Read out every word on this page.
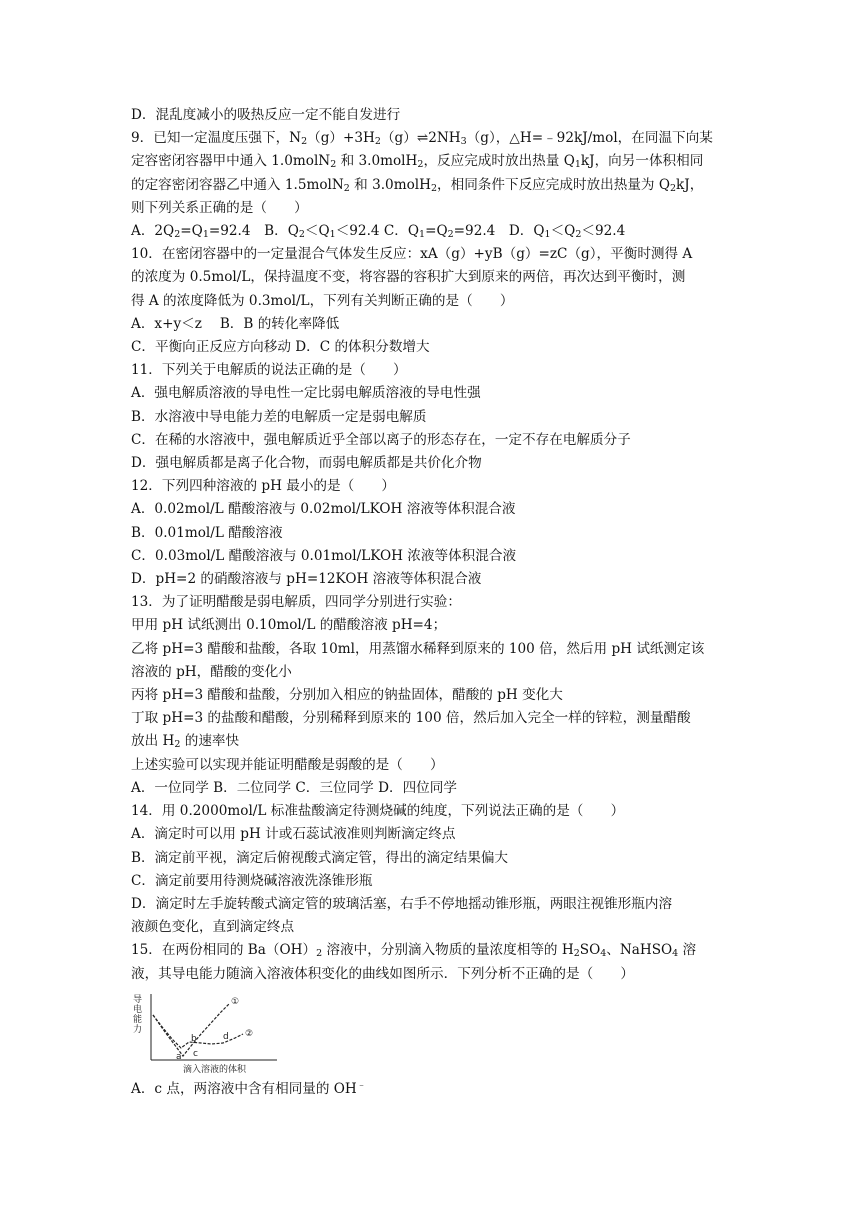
D．混乱度减小的吸热反应一定不能自发进行
9．已知一定温度压强下，$N_2(g)+3H_2(g)\rightleftharpoons 2NH_3(g)$，△H=﹣92kJ/mol，在同温下向某
定容密闭容器甲中通入 1.0molN$_2$ 和 3.0molH$_2$，反应完成时放出热量 $Q_1kJ$，向另一体积相同
的定容密闭容器乙中通入 1.5molN$_2$ 和 3.0molH$_2$，相同条件下反应完成时放出热量为 $Q_2kJ$，
则下列关系正确的是（　　）
A．$2Q_2=Q_1=92.4$　B．$Q_2<Q_1<92.4$ C．$Q_1=Q_2=92.4$　D．$Q_1<Q_2<92.4$
10．在密闭容器中的一定量混合气体发生反应：xA（g）+yB（g）=zC（g），平衡时测得 A
的浓度为 0.5mol/L，保持温度不变，将容器的容积扩大到原来的两倍，再次达到平衡时，测
得 A 的浓度降低为 0.3mol/L，下列有关判断正确的是（　　）
A．x+y＜z　 B．B 的转化率降低
C．平衡向正反应方向移动 D．C 的体积分数增大
11．下列关于电解质的说法正确的是（　　）
A．强电解质溶液的导电性一定比弱电解质溶液的导电性强
B．水溶液中导电能力差的电解质一定是弱电解质
C．在稀的水溶液中，强电解质近乎全部以离子的形态存在，一定不存在电解质分子
D．强电解质都是离子化合物，而弱电解质都是共价化介物
12．下列四种溶液的 pH 最小的是（　　）
A．0.02mol/L 醋酸溶液与 0.02mol/LKOH 溶液等体积混合液
B．0.01mol/L 醋酸溶液
C．0.03mol/L 醋酸溶液与 0.01mol/LKOH 浓液等体积混合液
D．pH=2 的硝酸溶液与 pH=12KOH 溶液等体积混合液
13．为了证明醋酸是弱电解质，四同学分别进行实验：
甲用 pH 试纸测出 0.10mol/L 的醋酸溶液 pH=4；
乙将 pH=3 醋酸和盐酸，各取 10ml，用蒸馏水稀释到原来的 100 倍，然后用 pH 试纸测定该
溶液的 pH，醋酸的变化小
丙将 pH=3 醋酸和盐酸，分别加入相应的钠盐固体，醋酸的 pH 变化大
丁取 pH=3 的盐酸和醋酸，分别稀释到原来的 100 倍，然后加入完全一样的锌粒，测量醋酸
放出 $H_2$ 的速率快
上述实验可以实现并能证明醋酸是弱酸的是（　　）
A．一位同学 B．二位同学 C．三位同学 D．四位同学
14．用 0.2000mol/L 标准盐酸滴定待测烧碱的纯度，下列说法正确的是（　　）
A．滴定时可以用 pH 计或石蕊试液准则判断滴定终点
B．滴定前平视，滴定后俯视酸式滴定管，得出的滴定结果偏大
C．滴定前要用待测烧碱溶液洗涤锥形瓶
D．滴定时左手旋转酸式滴定管的玻璃活塞，右手不停地摇动锥形瓶，两眼注视锥形瓶内溶
液颜色变化，直到滴定终点
15．在两份相同的 $Ba(OH)_2$ 溶液中，分别滴入物质的量浓度相等的 $H_2SO_4$、NaHSO$_4$ 溶
液，其导电能力随滴入溶液体积变化的曲线如图所示．下列分析不正确的是（　　）
导
电
能
力
①
②
a
b
c
d
滴入溶液的体积
A．c 点，两溶液中含有相同量的 OH﹣
